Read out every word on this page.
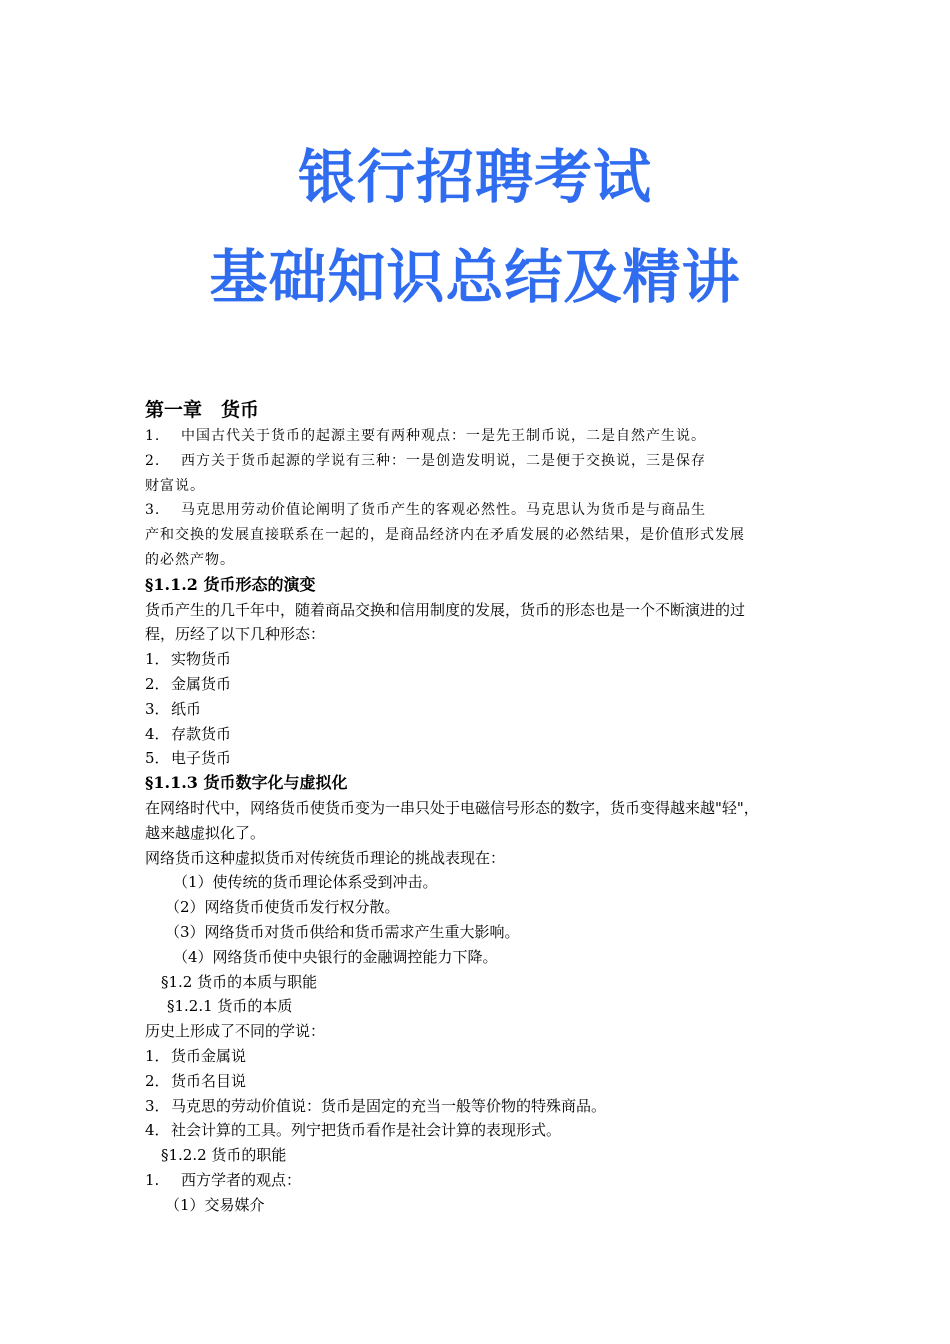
银行招聘考试
基础知识总结及精讲
第一章　货币
1. 中国古代关于货币的起源主要有两种观点：一是先王制币说，二是自然产生说。
2. 西方关于货币起源的学说有三种：一是创造发明说，二是便于交换说，三是保存
财富说。
3. 马克思用劳动价值论阐明了货币产生的客观必然性。马克思认为货币是与商品生
产和交换的发展直接联系在一起的，是商品经济内在矛盾发展的必然结果，是价值形式发展
的必然产物。
§1.1.2 货币形态的演变
货币产生的几千年中，随着商品交换和信用制度的发展，货币的形态也是一个不断演进的过
程，历经了以下几种形态：
1．实物货币
2．金属货币
3．纸币
4．存款货币
5．电子货币
§1.1.3 货币数字化与虚拟化
在网络时代中，网络货币使货币变为一串只处于电磁信号形态的数字，货币变得越来越"轻"，
越来越虚拟化了。
网络货币这种虚拟货币对传统货币理论的挑战表现在：
（1）使传统的货币理论体系受到冲击。
（2）网络货币使货币发行权分散。
（3）网络货币对货币供给和货币需求产生重大影响。
（4）网络货币使中央银行的金融调控能力下降。
§1.2 货币的本质与职能
§1.2.1 货币的本质
历史上形成了不同的学说：
1．货币金属说
2．货币名目说
3．马克思的劳动价值说：货币是固定的充当一般等价物的特殊商品。
4．社会计算的工具。列宁把货币看作是社会计算的表现形式。
§1.2.2 货币的职能
1. 西方学者的观点：
（1）交易媒介
